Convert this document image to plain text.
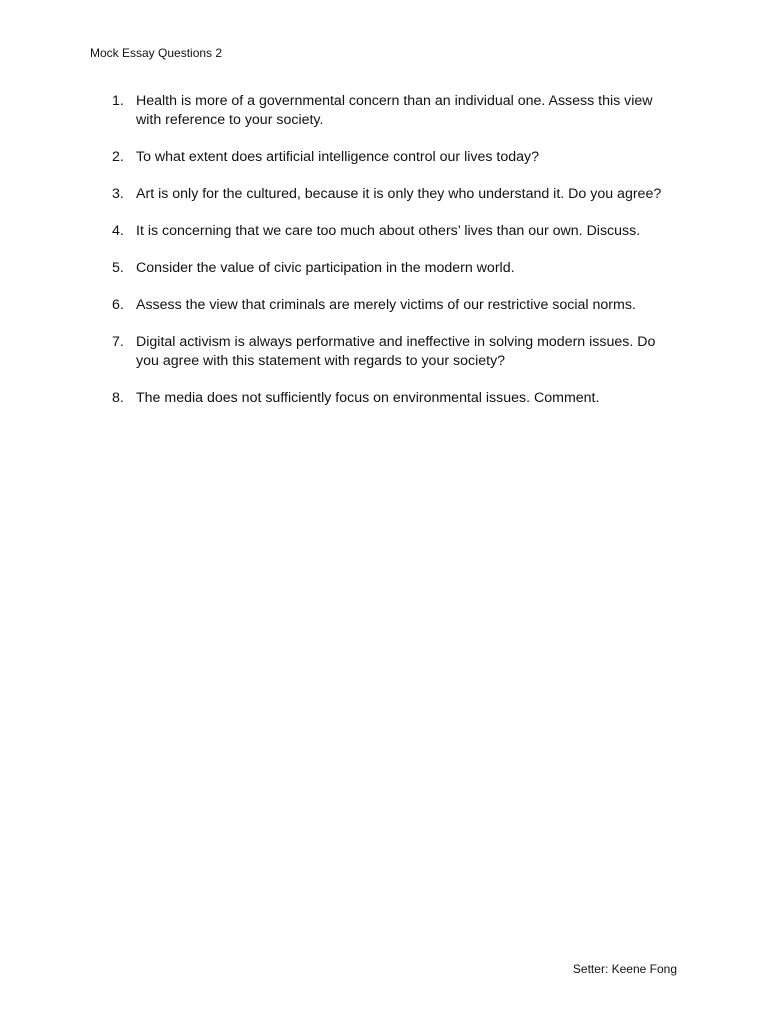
Mock Essay Questions 2
1. Health is more of a governmental concern than an individual one. Assess this view with reference to your society.
2. To what extent does artificial intelligence control our lives today?
3. Art is only for the cultured, because it is only they who understand it. Do you agree?
4. It is concerning that we care too much about others’ lives than our own. Discuss.
5. Consider the value of civic participation in the modern world.
6. Assess the view that criminals are merely victims of our restrictive social norms.
7. Digital activism is always performative and ineffective in solving modern issues. Do you agree with this statement with regards to your society?
8. The media does not sufficiently focus on environmental issues. Comment.
Setter: Keene Fong
